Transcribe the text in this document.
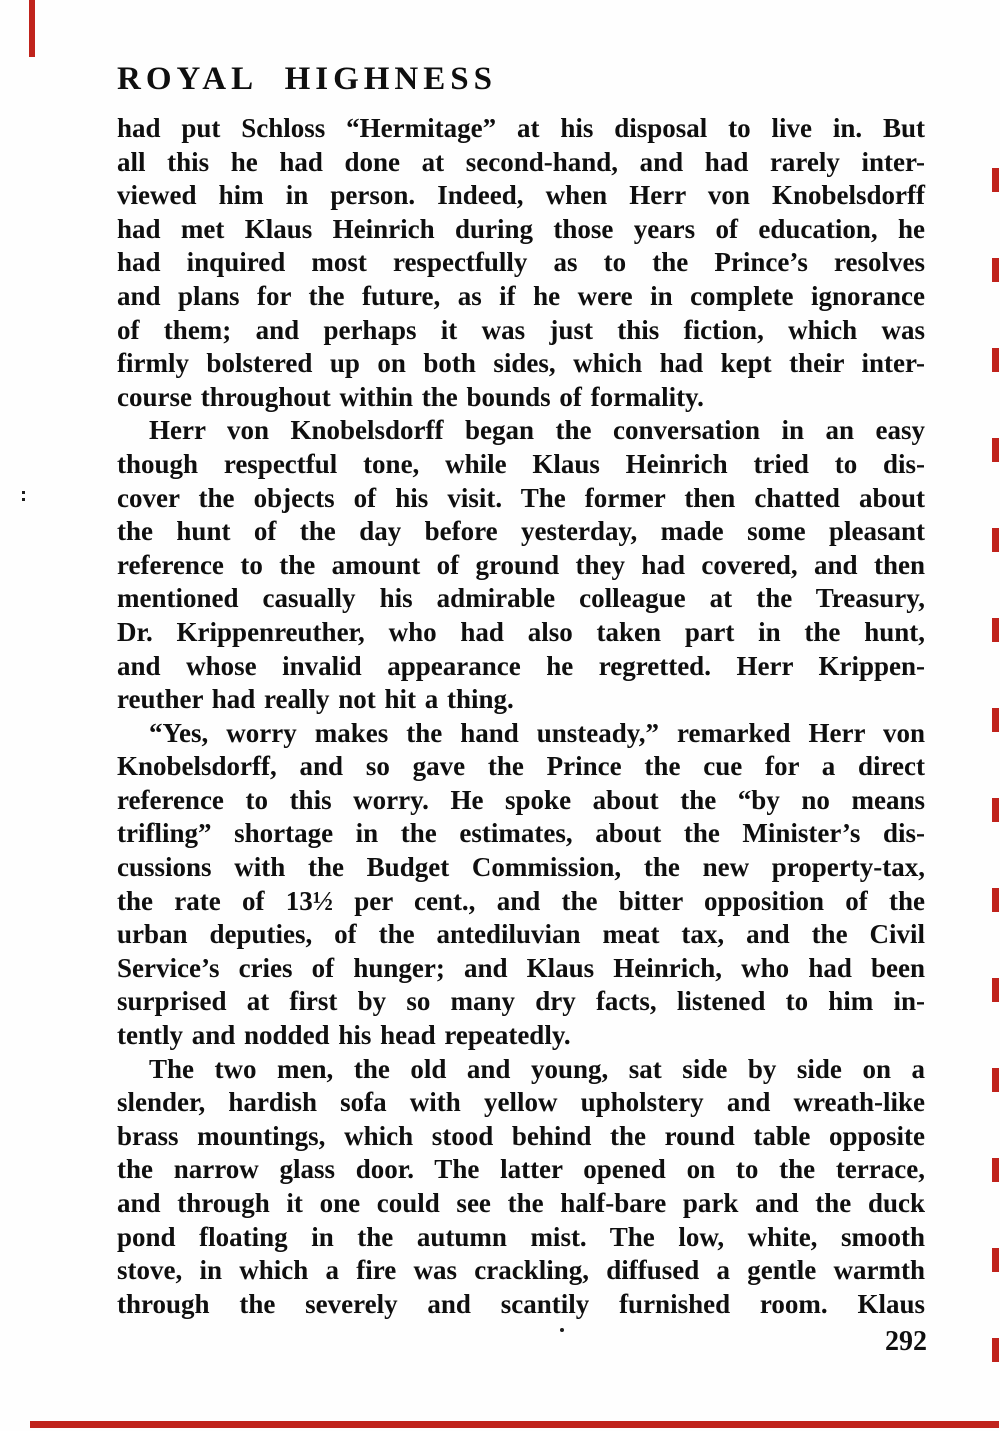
ROYAL HIGHNESS
had put Schloss “Hermitage” at his disposal to live in. But
all this he had done at second-hand, and had rarely inter-
viewed him in person. Indeed, when Herr von Knobelsdorff
had met Klaus Heinrich during those years of education, he
had inquired most respectfully as to the Prince’s resolves
and plans for the future, as if he were in complete ignorance
of them; and perhaps it was just this fiction, which was
firmly bolstered up on both sides, which had kept their inter-
course throughout within the bounds of formality.
Herr von Knobelsdorff began the conversation in an easy
though respectful tone, while Klaus Heinrich tried to dis-
cover the objects of his visit. The former then chatted about
the hunt of the day before yesterday, made some pleasant
reference to the amount of ground they had covered, and then
mentioned casually his admirable colleague at the Treasury,
Dr. Krippenreuther, who had also taken part in the hunt,
and whose invalid appearance he regretted. Herr Krippen-
reuther had really not hit a thing.
“Yes, worry makes the hand unsteady,” remarked Herr von
Knobelsdorff, and so gave the Prince the cue for a direct
reference to this worry. He spoke about the “by no means
trifling” shortage in the estimates, about the Minister’s dis-
cussions with the Budget Commission, the new property-tax,
the rate of 13½ per cent., and the bitter opposition of the
urban deputies, of the antediluvian meat tax, and the Civil
Service’s cries of hunger; and Klaus Heinrich, who had been
surprised at first by so many dry facts, listened to him in-
tently and nodded his head repeatedly.
The two men, the old and young, sat side by side on a
slender, hardish sofa with yellow upholstery and wreath-like
brass mountings, which stood behind the round table opposite
the narrow glass door. The latter opened on to the terrace,
and through it one could see the half-bare park and the duck
pond floating in the autumn mist. The low, white, smooth
stove, in which a fire was crackling, diffused a gentle warmth
through the severely and scantily furnished room. Klaus
292
